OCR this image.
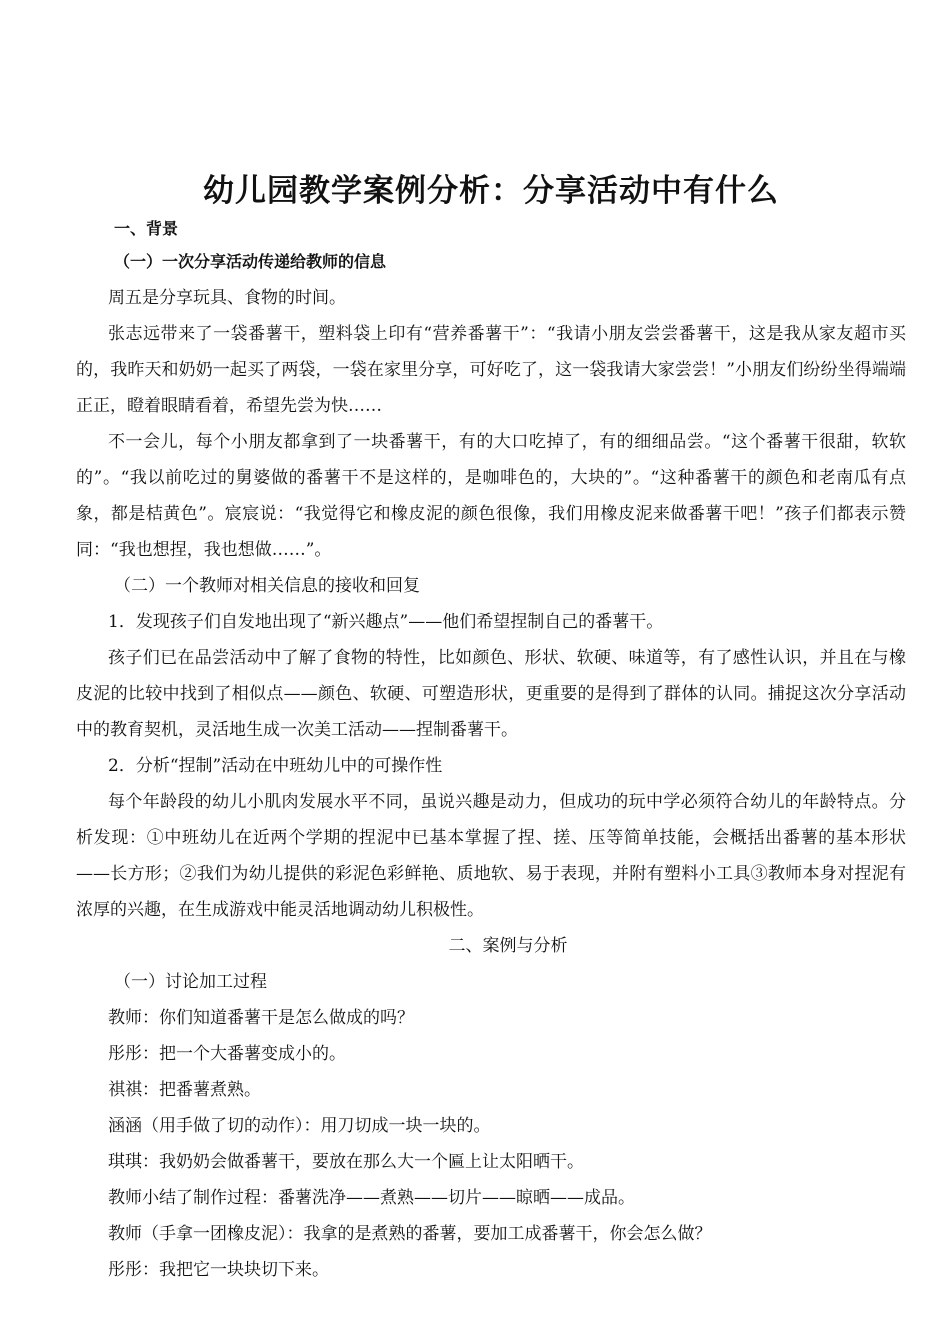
幼儿园教学案例分析：分享活动中有什么

一、背景

（一）一次分享活动传递给教师的信息

周五是分享玩具、食物的时间。

张志远带来了一袋番薯干，塑料袋上印有“营养番薯干”：“我请小朋友尝尝番薯干，这是我从家友超市买的，我昨天和奶奶一起买了两袋，一袋在家里分享，可好吃了，这一袋我请大家尝尝！”小朋友们纷纷坐得端端正正，瞪着眼睛看着，希望先尝为快……

不一会儿，每个小朋友都拿到了一块番薯干，有的大口吃掉了，有的细细品尝。“这个番薯干很甜，软软的”。“我以前吃过的舅婆做的番薯干不是这样的，是咖啡色的，大块的”。“这种番薯干的颜色和老南瓜有点象，都是桔黄色”。宸宸说：“我觉得它和橡皮泥的颜色很像，我们用橡皮泥来做番薯干吧！”孩子们都表示赞同：“我也想捏，我也想做……”。

（二）一个教师对相关信息的接收和回复

1．发现孩子们自发地出现了“新兴趣点”——他们希望捏制自己的番薯干。

孩子们已在品尝活动中了解了食物的特性，比如颜色、形状、软硬、味道等，有了感性认识，并且在与橡皮泥的比较中找到了相似点——颜色、软硬、可塑造形状，更重要的是得到了群体的认同。捕捉这次分享活动中的教育契机，灵活地生成一次美工活动——捏制番薯干。

2．分析“捏制”活动在中班幼儿中的可操作性

每个年龄段的幼儿小肌肉发展水平不同，虽说兴趣是动力，但成功的玩中学必须符合幼儿的年龄特点。分析发现：①中班幼儿在近两个学期的捏泥中已基本掌握了捏、搓、压等简单技能，会概括出番薯的基本形状——长方形；②我们为幼儿提供的彩泥色彩鲜艳、质地软、易于表现，并附有塑料小工具③教师本身对捏泥有浓厚的兴趣，在生成游戏中能灵活地调动幼儿积极性。

二、案例与分析

（一）讨论加工过程

教师：你们知道番薯干是怎么做成的吗？

彤彤：把一个大番薯变成小的。

祺祺：把番薯煮熟。

涵涵（用手做了切的动作）：用刀切成一块一块的。

琪琪：我奶奶会做番薯干，要放在那么大一个匾上让太阳晒干。

教师小结了制作过程：番薯洗净——煮熟——切片——晾晒——成品。

教师（手拿一团橡皮泥）：我拿的是煮熟的番薯，要加工成番薯干，你会怎么做？

彤彤：我把它一块块切下来。
